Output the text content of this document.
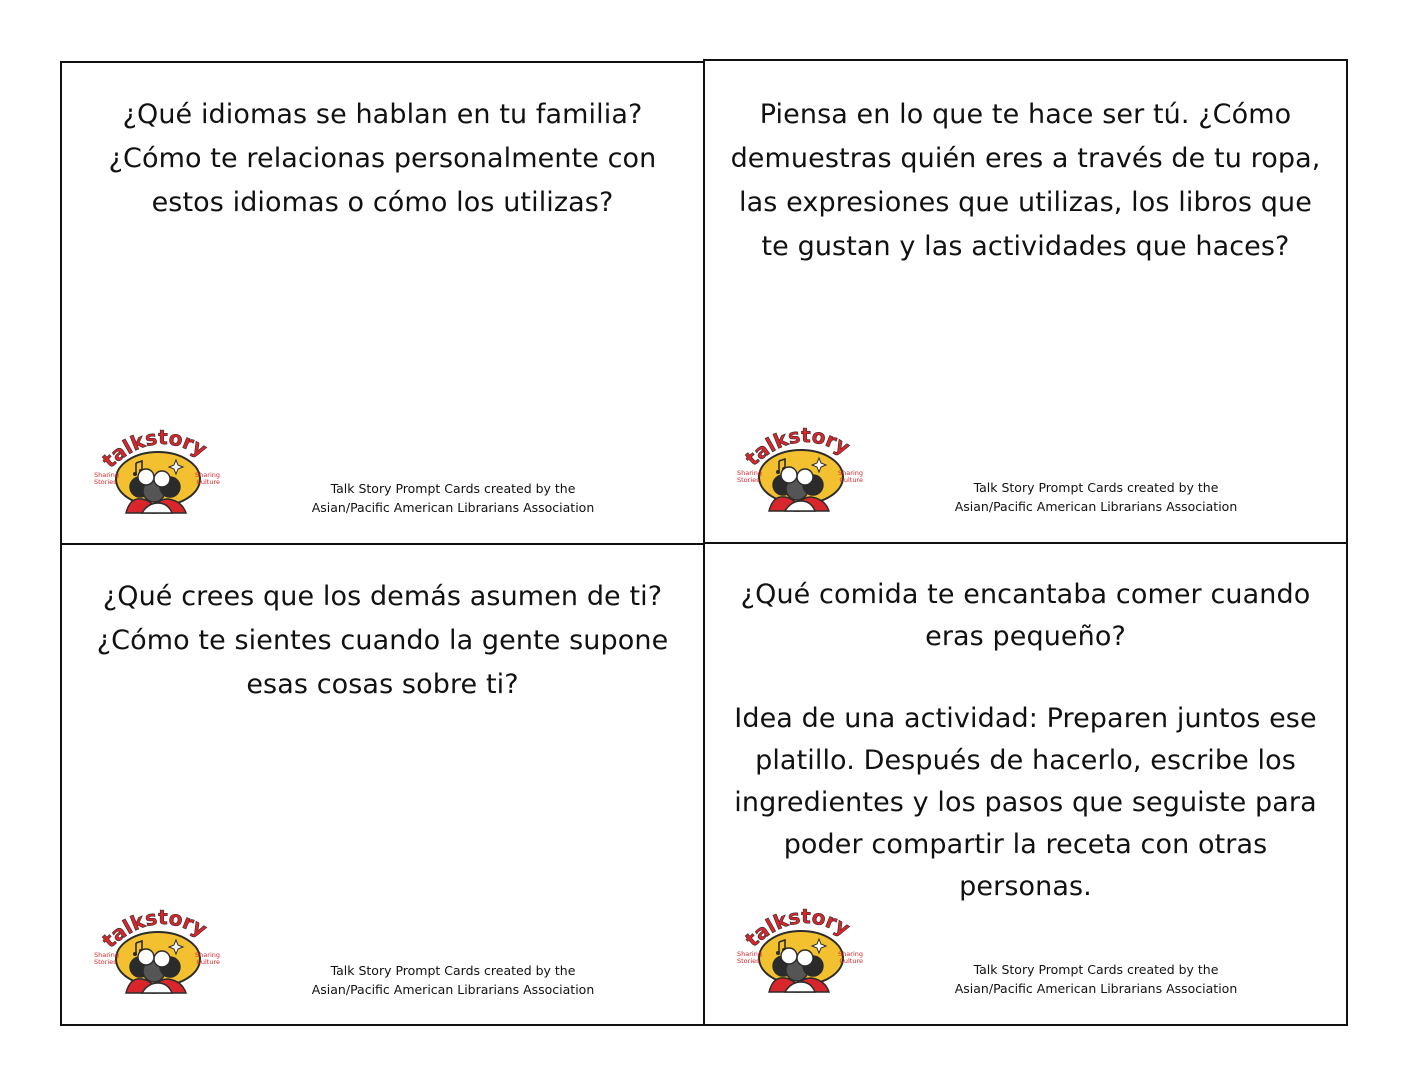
¿Qué idiomas se hablan en tu familia? ¿Cómo te relacionas personalmente con estos idiomas o cómo los utilizas?

talkstory
Sharing
Stories
Sharing
Culture	Talk Story Prompt Cards created by the
Asian/Pacific American Librarians Association

Piensa en lo que te hace ser tú. ¿Cómo demuestras quién eres a través de tu ropa, las expresiones que utilizas, los libros que te gustan y las actividades que haces?

talkstory
Sharing
Stories
Sharing
Culture	Talk Story Prompt Cards created by the
Asian/Pacific American Librarians Association

¿Qué crees que los demás asumen de ti? ¿Cómo te sientes cuando la gente supone esas cosas sobre ti?

talkstory
Sharing
Stories
Sharing
Culture
Talk Story Prompt Cards created by the
Asian/Pacific American Librarians Association

¿Qué comida te encantaba comer cuando eras pequeño?

Idea de una actividad: Preparen juntos ese platillo. Después de hacerlo, escribe los ingredientes y los pasos que seguiste para poder compartir la receta con otras personas.

talkstory
Sharing
Stories
Sharing
Culture
Talk Story Prompt Cards created by the
Asian/Pacific American Librarians Association
